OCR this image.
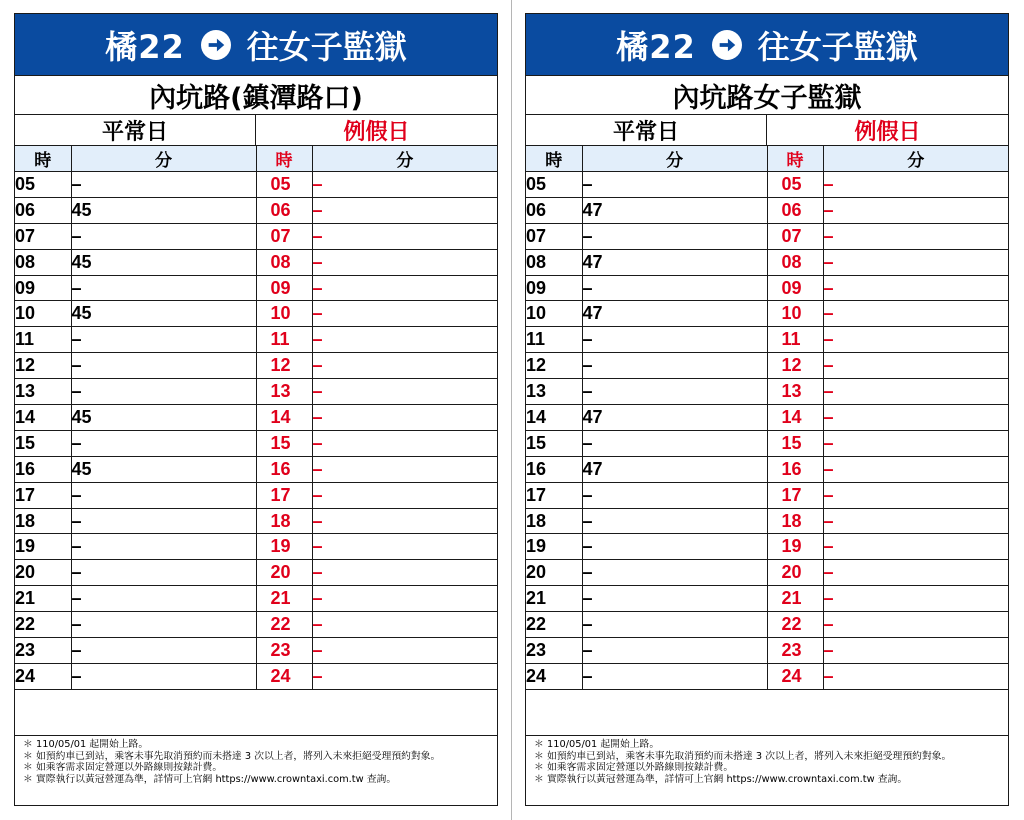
橘22 往女子監獄
內坑路(鎮潭路口)
平常日	例假日
時	分	時	分
05	–	05	–
06	45	06	–
07	–	07	–
08	45	08	–
09	–	09	–
10	45	10	–
11	–	11	–
12	–	12	–
13	–	13	–
14	45	14	–
15	–	15	–
16	45	16	–
17	–	17	–
18	–	18	–
19	–	19	–
20	–	20	–
21	–	21	–
22	–	22	–
23	–	23	–
24	–	24	–
＊ 110/05/01 起開始上路。
＊ 如預約車已到站，乘客未事先取消預約而未搭達 3 次以上者，將列入未來拒絕受理預約對象。
＊ 如乘客需求固定營運以外路線則按錶計費。
＊ 實際執行以黃冠營運為準，詳情可上官網 https://www.crowntaxi.com.tw 查詢。
橘22 往女子監獄
內坑路女子監獄
平常日	例假日
時	分	時	分
05	–	05	–
06	47	06	–
07	–	07	–
08	47	08	–
09	–	09	–
10	47	10	–
11	–	11	–
12	–	12	–
13	–	13	–
14	47	14	–
15	–	15	–
16	47	16	–
17	–	17	–
18	–	18	–
19	–	19	–
20	–	20	–
21	–	21	–
22	–	22	–
23	–	23	–
24	–	24	–
＊ 110/05/01 起開始上路。
＊ 如預約車已到站，乘客未事先取消預約而未搭達 3 次以上者，將列入未來拒絕受理預約對象。
＊ 如乘客需求固定營運以外路線則按錶計費。
＊ 實際執行以黃冠營運為準，詳情可上官網 https://www.crowntaxi.com.tw 查詢。
